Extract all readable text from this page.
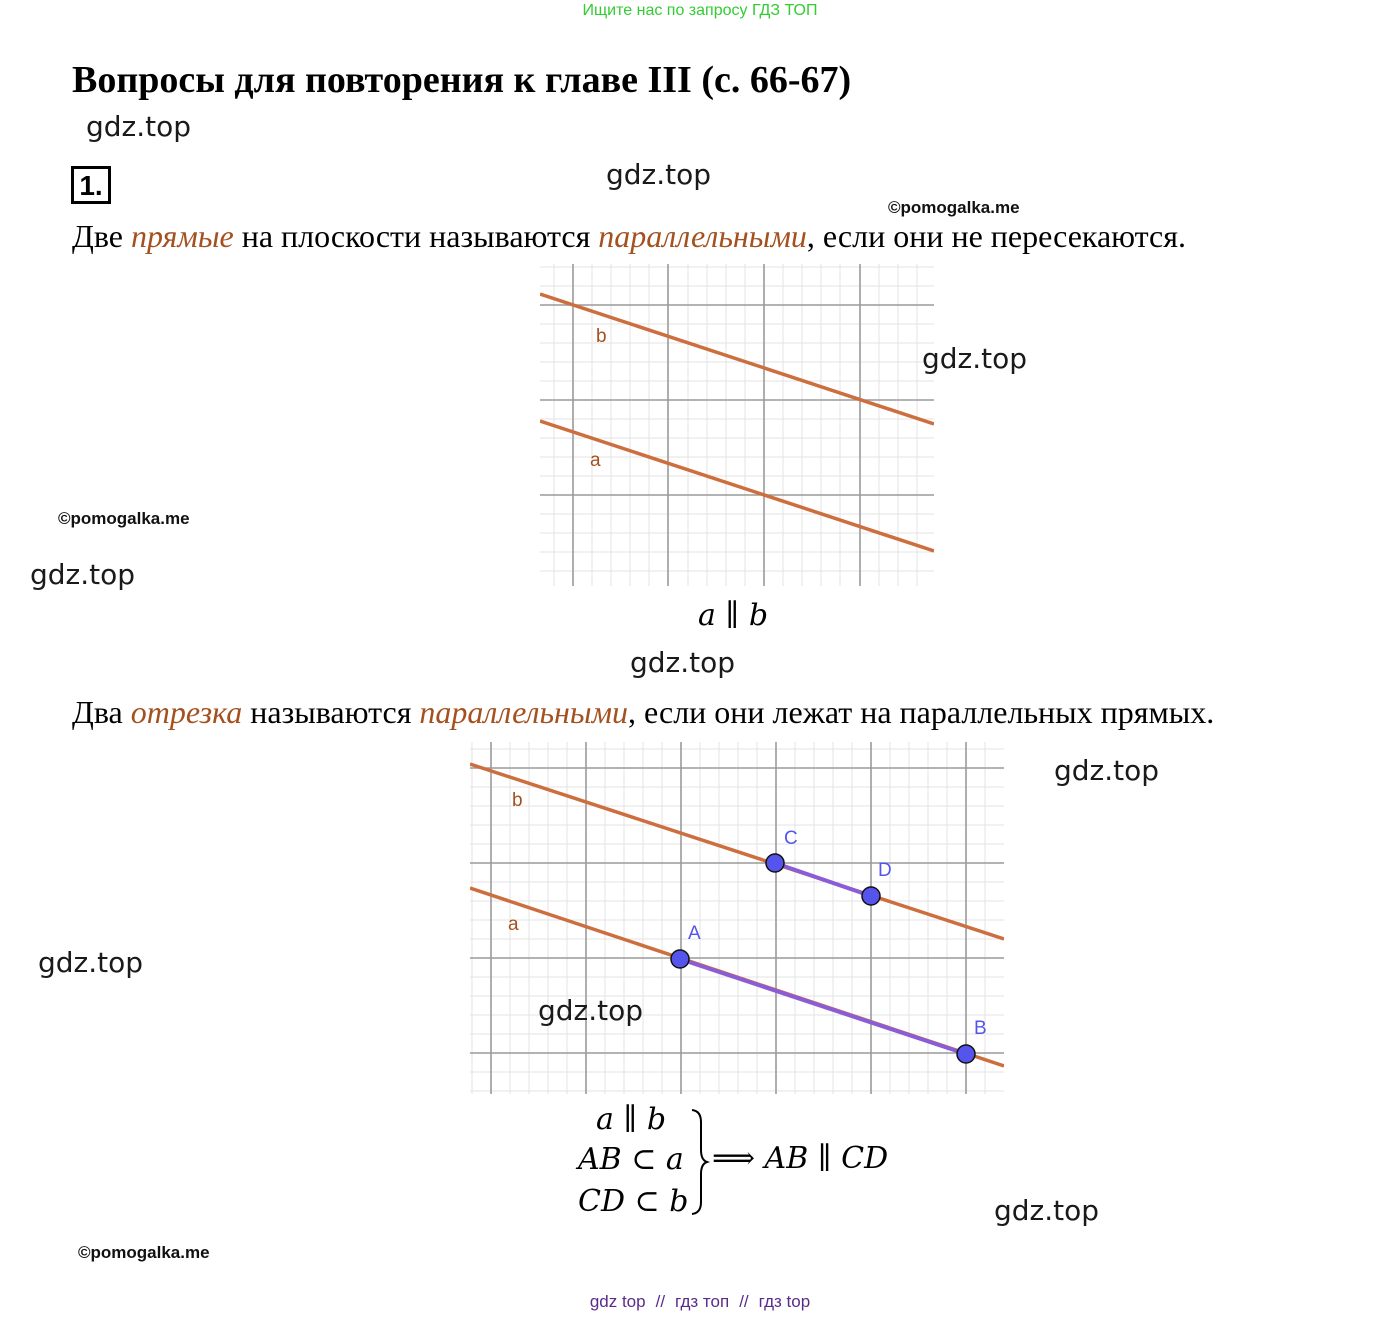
Ищите нас по запросу ГДЗ ТОП
Вопросы для повторения к главе III (с. 66-67)
gdz.top
gdz.top
©pomogalka.me
1.
Две прямые на плоскости называются параллельными, если они не пересекаются.
b
a
gdz.top
©pomogalka.me
gdz.top
a ∥ b
gdz.top
Два отрезка называются параллельными, если они лежат на параллельных прямых.
b
a
C
D
A
B
gdz.top
gdz.top
gdz.top
a ∥ b
AB ⊂ a
CD ⊂ b
⟹ AB ∥ CD
gdz.top
©pomogalka.me
gdz top // гдз топ // гдз top
